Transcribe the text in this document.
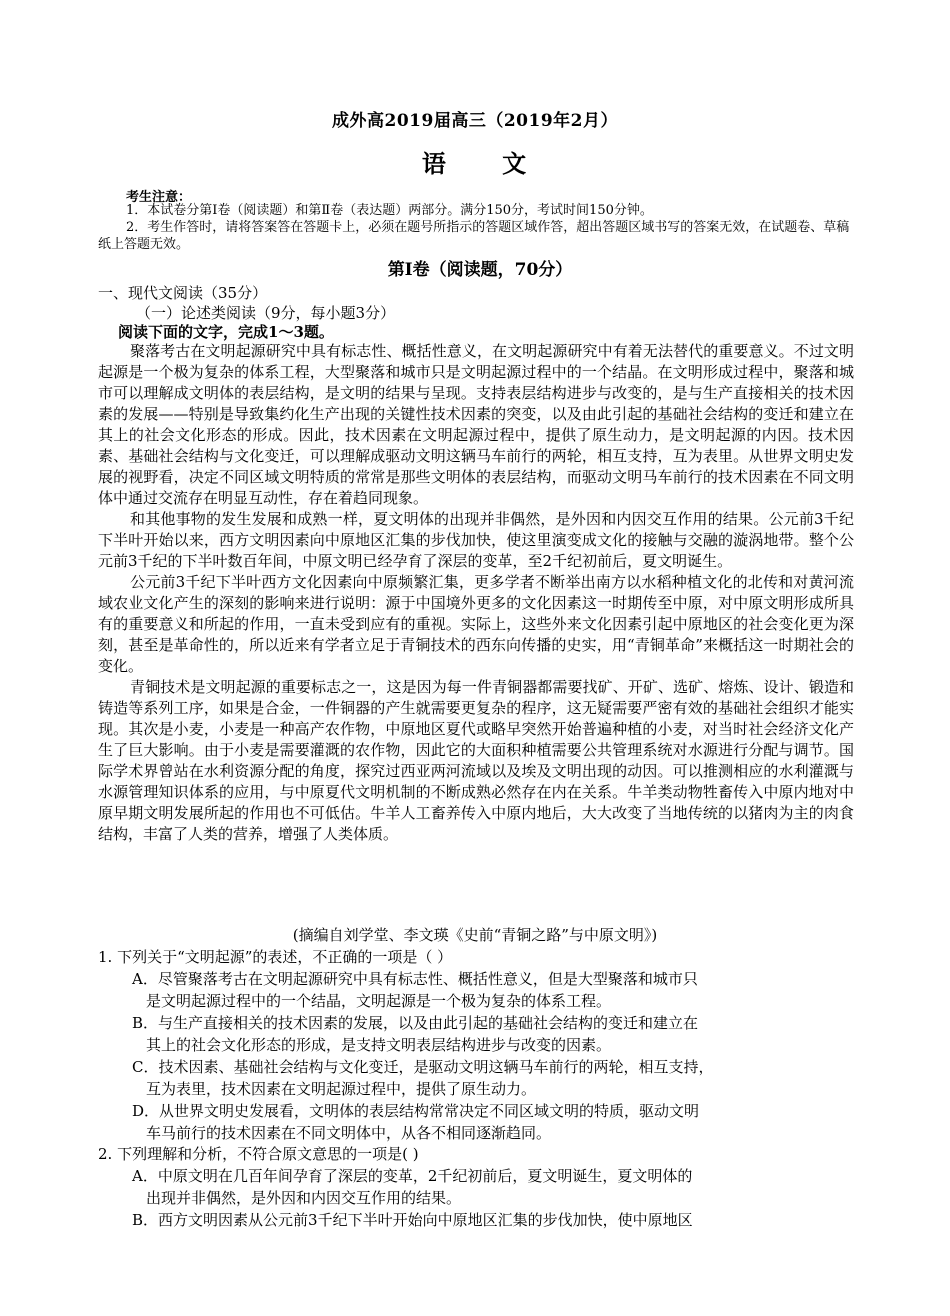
成外高2019届高三（2019年2月）
语 文
考生注意：
1．本试卷分第Ⅰ卷（阅读题）和第Ⅱ卷（表达题）两部分。满分150分，考试时间150分钟。
2．考生作答时，请将答案答在答题卡上，必须在题号所指示的答题区域作答，超出答题区域书写的答案无效，在试题卷、草稿纸上答题无效。
第Ⅰ卷（阅读题，70分）
一、现代文阅读（35分）
（一）论述类阅读（9分，每小题3分）
阅读下面的文字，完成1～3题。

聚落考古在文明起源研究中具有标志性、概括性意义，在文明起源研究中有着无法替代的重要意义。不过文明起源是一个极为复杂的体系工程，大型聚落和城市只是文明起源过程中的一个结晶。在文明形成过程中，聚落和城市可以理解成文明体的表层结构，是文明的结果与呈现。支持表层结构进步与改变的，是与生产直接相关的技术因素的发展——特别是导致集约化生产出现的关键性技术因素的突变，以及由此引起的基础社会结构的变迁和建立在其上的社会文化形态的形成。因此，技术因素在文明起源过程中，提供了原生动力，是文明起源的内因。技术因素、基础社会结构与文化变迁，可以理解成驱动文明这辆马车前行的两轮，相互支持，互为表里。从世界文明史发展的视野看，决定不同区域文明特质的常常是那些文明体的表层结构，而驱动文明马车前行的技术因素在不同文明体中通过交流存在明显互动性，存在着趋同现象。

和其他事物的发生发展和成熟一样，夏文明体的出现并非偶然，是外因和内因交互作用的结果。公元前3千纪下半叶开始以来，西方文明因素向中原地区汇集的步伐加快，使这里演变成文化的接触与交融的漩涡地带。整个公元前3千纪的下半叶数百年间，中原文明已经孕育了深层的变革，至2千纪初前后，夏文明诞生。

公元前3千纪下半叶西方文化因素向中原频繁汇集，更多学者不断举出南方以水稻种植文化的北传和对黄河流域农业文化产生的深刻的影响来进行说明：源于中国境外更多的文化因素这一时期传至中原，对中原文明形成所具有的重要意义和所起的作用，一直未受到应有的重视。实际上，这些外来文化因素引起中原地区的社会变化更为深刻，甚至是革命性的，所以近来有学者立足于青铜技术的西东向传播的史实，用“青铜革命”来概括这一时期社会的变化。

青铜技术是文明起源的重要标志之一，这是因为每一件青铜器都需要找矿、开矿、选矿、熔炼、设计、锻造和铸造等系列工序，如果是合金，一件铜器的产生就需要更复杂的程序，这无疑需要严密有效的基础社会组织才能实现。其次是小麦，小麦是一种高产农作物，中原地区夏代或略早突然开始普遍种植的小麦，对当时社会经济文化产生了巨大影响。由于小麦是需要灌溉的农作物，因此它的大面积种植需要公共管理系统对水源进行分配与调节。国际学术界曾站在水利资源分配的角度，探究过西亚两河流域以及埃及文明出现的动因。可以推测相应的水利灌溉与水源管理知识体系的应用，与中原夏代文明机制的不断成熟必然存在内在关系。牛羊类动物牲畜传入中原内地对中原早期文明发展所起的作用也不可低估。牛羊人工畜养传入中原内地后，大大改变了当地传统的以猪肉为主的肉食结构，丰富了人类的营养，增强了人类体质。

(摘编自刘学堂、李文瑛《史前“青铜之路”与中原文明》)

1. 下列关于“文明起源”的表述，不正确的一项是（ ）

A．尽管聚落考古在文明起源研究中具有标志性、概括性意义，但是大型聚落和城市只
是文明起源过程中的一个结晶，文明起源是一个极为复杂的体系工程。

B．与生产直接相关的技术因素的发展，以及由此引起的基础社会结构的变迁和建立在
其上的社会文化形态的形成，是支持文明表层结构进步与改变的因素。

C．技术因素、基础社会结构与文化变迁，是驱动文明这辆马车前行的两轮，相互支持，
互为表里，技术因素在文明起源过程中，提供了原生动力。

D．从世界文明史发展看，文明体的表层结构常常决定不同区域文明的特质，驱动文明
车马前行的技术因素在不同文明体中，从各不相同逐渐趋同。

2. 下列理解和分析，不符合原文意思的一项是( )

A．中原文明在几百年间孕育了深层的变革，2千纪初前后，夏文明诞生，夏文明体的
出现并非偶然，是外因和内因交互作用的结果。

B．西方文明因素从公元前3千纪下半叶开始向中原地区汇集的步伐加快，使中原地区
